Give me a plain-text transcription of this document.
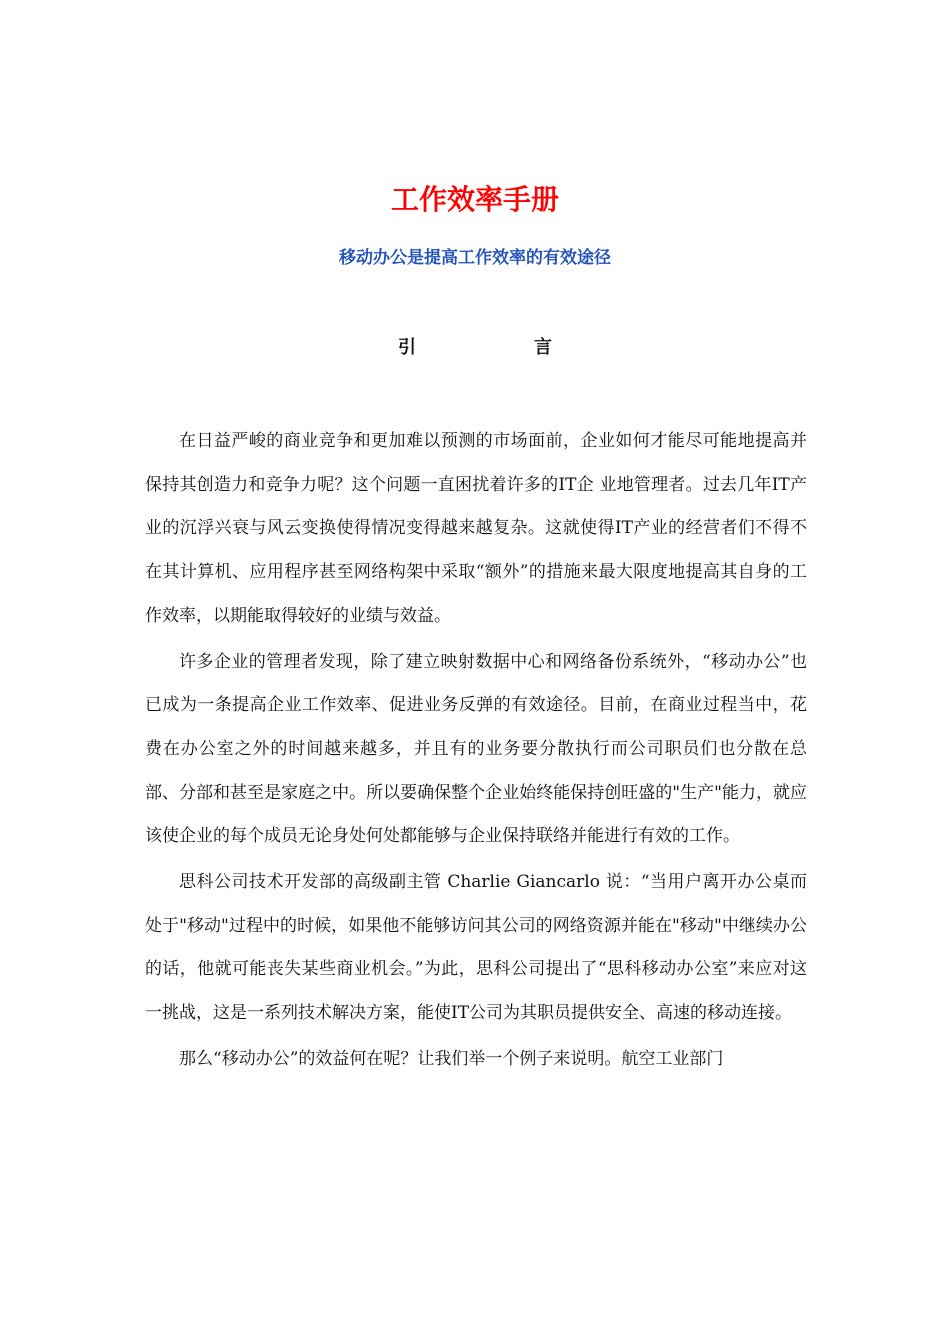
工作效率手册
移动办公是提高工作效率的有效途径
引	言

在日益严峻的商业竞争和更加难以预测的市场面前，企业如何才能尽可能地提高并保持其创造力和竞争力呢？这个问题一直困扰着许多的IT企 业地管理者。过去几年IT产业的沉浮兴衰与风云变换使得情况变得越来越复杂。这就使得IT产业的经营者们不得不在其计算机、应用程序甚至网络构架中采取“额外”的措施来最大限度地提高其自身的工作效率，以期能取得较好的业绩与效益。

许多企业的管理者发现，除了建立映射数据中心和网络备份系统外，“移动办公”也已成为一条提高企业工作效率、促进业务反弹的有效途径。目前，在商业过程当中，花费在办公室之外的时间越来越多，并且有的业务要分散执行而公司职员们也分散在总部、分部和甚至是家庭之中。所以要确保整个企业始终能保持创旺盛的"生产"能力，就应该使企业的每个成员无论身处何处都能够与企业保持联络并能进行有效的工作。

思科公司技术开发部的高级副主管 Charlie Giancarlo 说：“当用户离开办公桌而处于"移动"过程中的时候，如果他不能够访问其公司的网络资源并能在"移动"中继续办公的话，他就可能丧失某些商业机会。”为此，思科公司提出了“思科移动办公室”来应对这一挑战，这是一系列技术解决方案，能使IT公司为其职员提供安全、高速的移动连接。

那么“移动办公”的效益何在呢？让我们举一个例子来说明。航空工业部门
